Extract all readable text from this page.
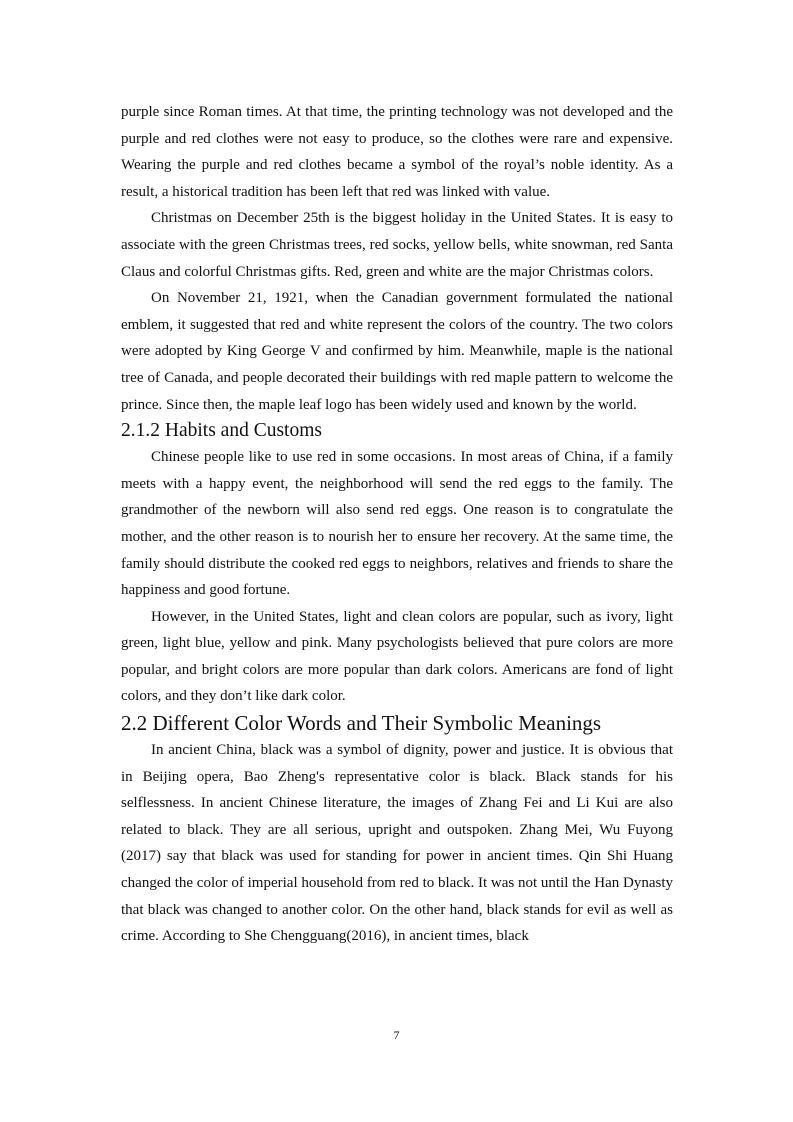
purple since Roman times. At that time, the printing technology was not developed and the purple and red clothes were not easy to produce, so the clothes were rare and expensive. Wearing the purple and red clothes became a symbol of the royal’s noble identity. As a result, a historical tradition has been left that red was linked with value.

Christmas on December 25th is the biggest holiday in the United States. It is easy to associate with the green Christmas trees, red socks, yellow bells, white snowman, red Santa Claus and colorful Christmas gifts. Red, green and white are the major Christmas colors.

On November 21, 1921, when the Canadian government formulated the national emblem, it suggested that red and white represent the colors of the country. The two colors were adopted by King George V and confirmed by him. Meanwhile, maple is the national tree of Canada, and people decorated their buildings with red maple pattern to welcome the prince. Since then, the maple leaf logo has been widely used and known by the world.

2.1.2 Habits and Customs

Chinese people like to use red in some occasions. In most areas of China, if a family meets with a happy event, the neighborhood will send the red eggs to the family. The grandmother of the newborn will also send red eggs. One reason is to congratulate the mother, and the other reason is to nourish her to ensure her recovery. At the same time, the family should distribute the cooked red eggs to neighbors, relatives and friends to share the happiness and good fortune.

However, in the United States, light and clean colors are popular, such as ivory, light green, light blue, yellow and pink. Many psychologists believed that pure colors are more popular, and bright colors are more popular than dark colors. Americans are fond of light colors, and they don’t like dark color.

2.2 Different Color Words and Their Symbolic Meanings

In ancient China, black was a symbol of dignity, power and justice. It is obvious that in Beijing opera, Bao Zheng's representative color is black. Black stands for his selflessness. In ancient Chinese literature, the images of Zhang Fei and Li Kui are also related to black. They are all serious, upright and outspoken. Zhang Mei, Wu Fuyong (2017) say that black was used for standing for power in ancient times. Qin Shi Huang changed the color of imperial household from red to black. It was not until the Han Dynasty that black was changed to another color. On the other hand, black stands for evil as well as crime. According to She Chengguang(2016), in ancient times, black

7
